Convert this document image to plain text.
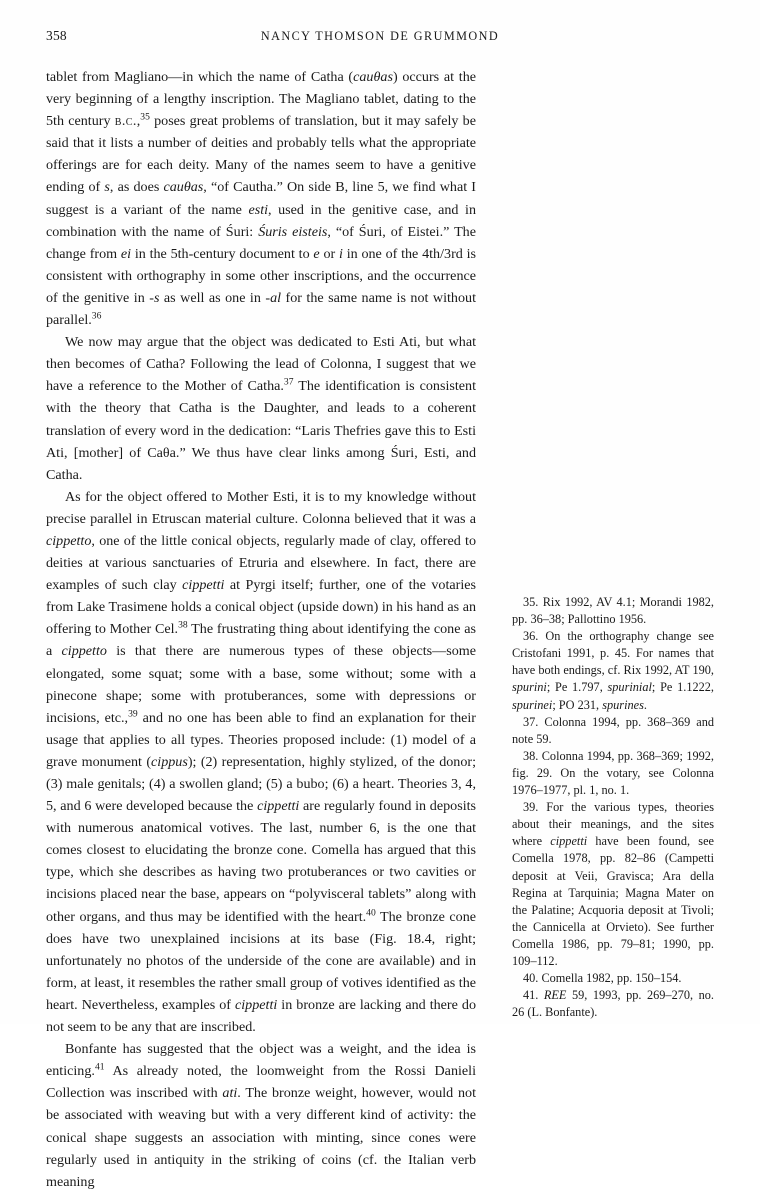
358	NANCY THOMSON DE GRUMMOND

tablet from Magliano—in which the name of Catha (cauθas) occurs at the very beginning of a lengthy inscription. The Magliano tablet, dating to the 5th century b.c.,$^{35}$ poses great problems of translation, but it may safely be said that it lists a number of deities and probably tells what the appropriate offerings are for each deity. Many of the names seem to have a genitive ending of s, as does cauθas, “of Cautha.” On side B, line 5, we find what I suggest is a variant of the name esti, used in the genitive case, and in combination with the name of Śuri: Śuris eisteis, “of Śuri, of Eistei.” The change from ei in the 5th-century document to e or i in one of the 4th/3rd is consistent with orthography in some other inscriptions, and the occurrence of the genitive in -s as well as one in -al for the same name is not without parallel.$^{36}$

We now may argue that the object was dedicated to Esti Ati, but what then becomes of Catha? Following the lead of Colonna, I suggest that we have a reference to the Mother of Catha.$^{37}$ The identification is consistent with the theory that Catha is the Daughter, and leads to a coherent translation of every word in the dedication: “Laris Thefries gave this to Esti Ati, [mother] of Caθa.” We thus have clear links among Śuri, Esti, and Catha.

As for the object offered to Mother Esti, it is to my knowledge without precise parallel in Etruscan material culture. Colonna believed that it was a cippetto, one of the little conical objects, regularly made of clay, offered to deities at various sanctuaries of Etruria and elsewhere. In fact, there are examples of such clay cippetti at Pyrgi itself; further, one of the votaries from Lake Trasimene holds a conical object (upside down) in his hand as an offering to Mother Cel.$^{38}$ The frustrating thing about identifying the cone as a cippetto is that there are numerous types of these objects—some elongated, some squat; some with a base, some without; some with a pinecone shape; some with protuberances, some with depressions or incisions, etc.,$^{39}$ and no one has been able to find an explanation for their usage that applies to all types. Theories proposed include: (1) model of a grave monument (cippus); (2) representation, highly stylized, of the donor; (3) male genitals; (4) a swollen gland; (5) a bubo; (6) a heart. Theories 3, 4, 5, and 6 were developed because the cippetti are regularly found in deposits with numerous anatomical votives. The last, number 6, is the one that comes closest to elucidating the bronze cone. Comella has argued that this type, which she describes as having two protuberances or two cavities or incisions placed near the base, appears on “polyvisceral tablets” along with other organs, and thus may be identified with the heart.$^{40}$ The bronze cone does have two unexplained incisions at its base (Fig. 18.4, right; unfortunately no photos of the underside of the cone are available) and in form, at least, it resembles the rather small group of votives identified as the heart. Nevertheless, examples of cippetti in bronze are lacking and there do not seem to be any that are inscribed.

Bonfante has suggested that the object was a weight, and the idea is enticing.$^{41}$ As already noted, the loomweight from the Rossi Danieli Collection was inscribed with ati. The bronze weight, however, would not be associated with weaving but with a very different kind of activity: the conical shape suggests an association with minting, since cones were regularly used in antiquity in the striking of coins (cf. the Italian verb meaning

35. Rix 1992, AV 4.1; Morandi 1982, pp. 36–38; Pallottino 1956.

36. On the orthography change see Cristofani 1991, p. 45. For names that have both endings, cf. Rix 1992, AT 190, spurini; Pe 1.797, spurinial; Pe 1.1222, spurinei; PO 231, spurines.

37. Colonna 1994, pp. 368–369 and note 59.

38. Colonna 1994, pp. 368–369; 1992, fig. 29. On the votary, see Colonna 1976–1977, pl. 1, no. 1.

39. For the various types, theories about their meanings, and the sites where cippetti have been found, see Comella 1978, pp. 82–86 (Campetti deposit at Veii, Gravisca; Ara della Regina at Tarquinia; Magna Mater on the Palatine; Acquoria deposit at Tivoli; the Cannicella at Orvieto). See further Comella 1986, pp. 79–81; 1990, pp. 109–112.

40. Comella 1982, pp. 150–154.

41. REE 59, 1993, pp. 269–270, no. 26 (L. Bonfante).
